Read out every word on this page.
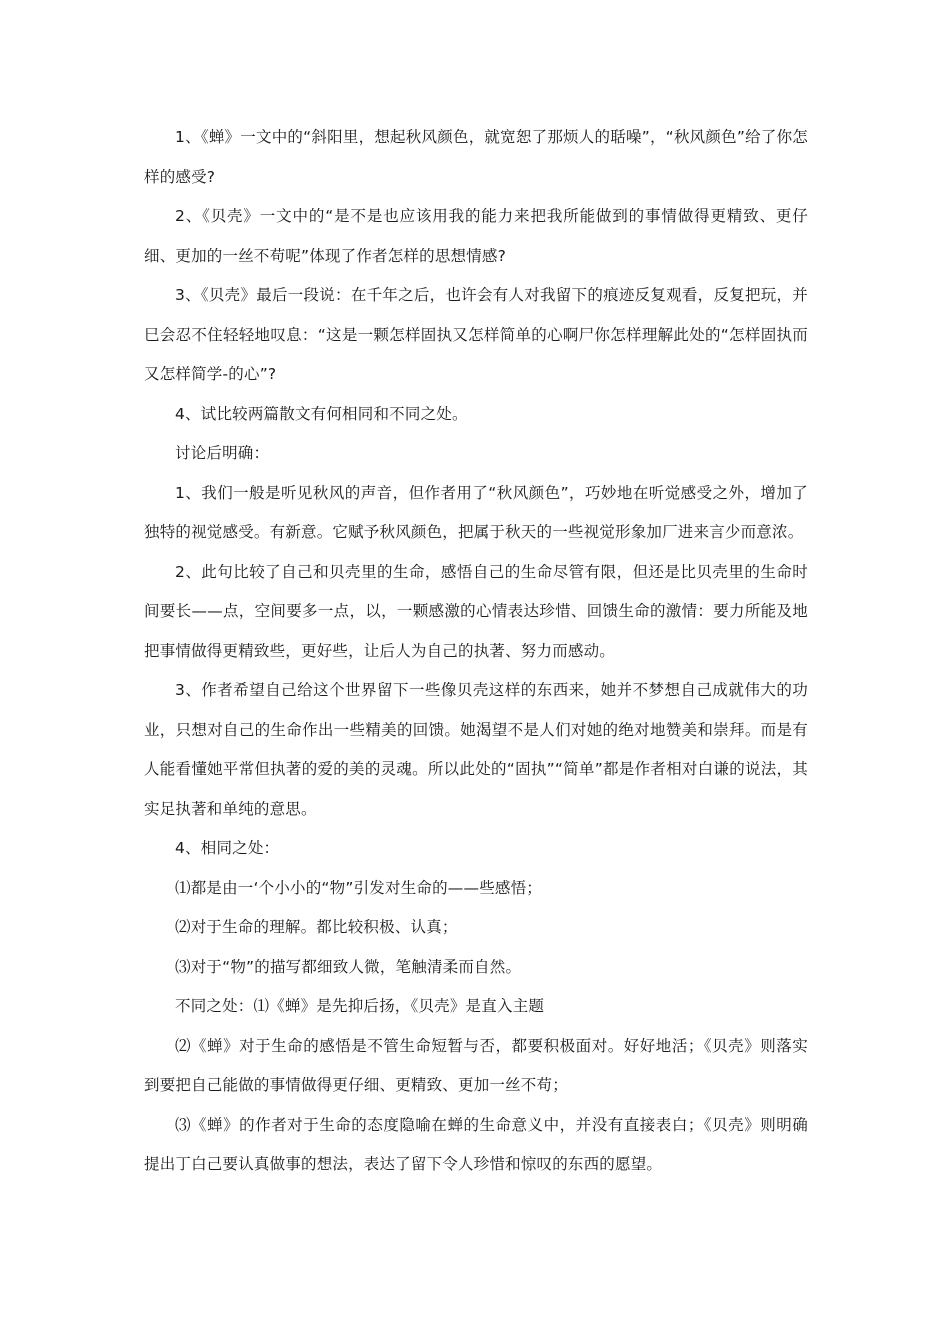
1、《蝉》一文中的“斜阳里，想起秋风颜色，就宽恕了那烦人的聒噪”，“秋风颜色”给了你怎样的感受?

2、《贝壳》一文中的“是不是也应该用我的能力来把我所能做到的事情做得更精致、更仔细、更加的一丝不苟呢”体现了作者怎样的思想情感?

3、《贝壳》最后一段说：在千年之后，也许会有人对我留下的痕迹反复观看，反复把玩，并巳会忍不住轻轻地叹息：“这是一颗怎样固执又怎样简单的心啊尸你怎样理解此处的“怎样固执而又怎样简学-的心”?

4、试比较两篇散文有何相同和不同之处。

讨论后明确：

1、我们一般是听见秋风的声音，但作者用了“秋风颜色”，巧妙地在听觉感受之外，增加了独特的视觉感受。有新意。它赋予秋风颜色，把属于秋天的一些视觉形象加厂进来言少而意浓。

2、此句比较了自己和贝壳里的生命，感悟自己的生命尽管有限，但还是比贝壳里的生命时间要长——点，空间要多一点，以，一颗感激的心情表达珍惜、回馈生命的激情：要力所能及地把事情做得更精致些，更好些，让后人为自己的执著、努力而感动。

3、作者希望自己给这个世界留下一些像贝壳这样的东西来，她并不梦想自己成就伟大的功业，只想对自己的生命作出一些精美的回馈。她渴望不是人们对她的绝对地赞美和崇拜。而是有人能看懂她平常但执著的爱的美的灵魂。所以此处的“固执”“简单”都是作者相对白谦的说法，其实足执著和单纯的意思。

4、相同之处：

⑴都是由一‘个小小的“物”引发对生命的——些感悟；

⑵对于生命的理解。都比较积极、认真；

⑶对于“物”的描写都细致人微，笔触清柔而自然。

不同之处：⑴《蝉》是先抑后扬，《贝壳》是直入主题

⑵《蝉》对于生命的感悟是不管生命短暂与否，都要积极面对。好好地活；《贝壳》则落实到要把自己能做的事情做得更仔细、更精致、更加一丝不苟；

⑶《蝉》的作者对于生命的态度隐喻在蝉的生命意义中，并没有直接表白；《贝壳》则明确提出丁白己要认真做事的想法，表达了留下令人珍惜和惊叹的东西的愿望。
